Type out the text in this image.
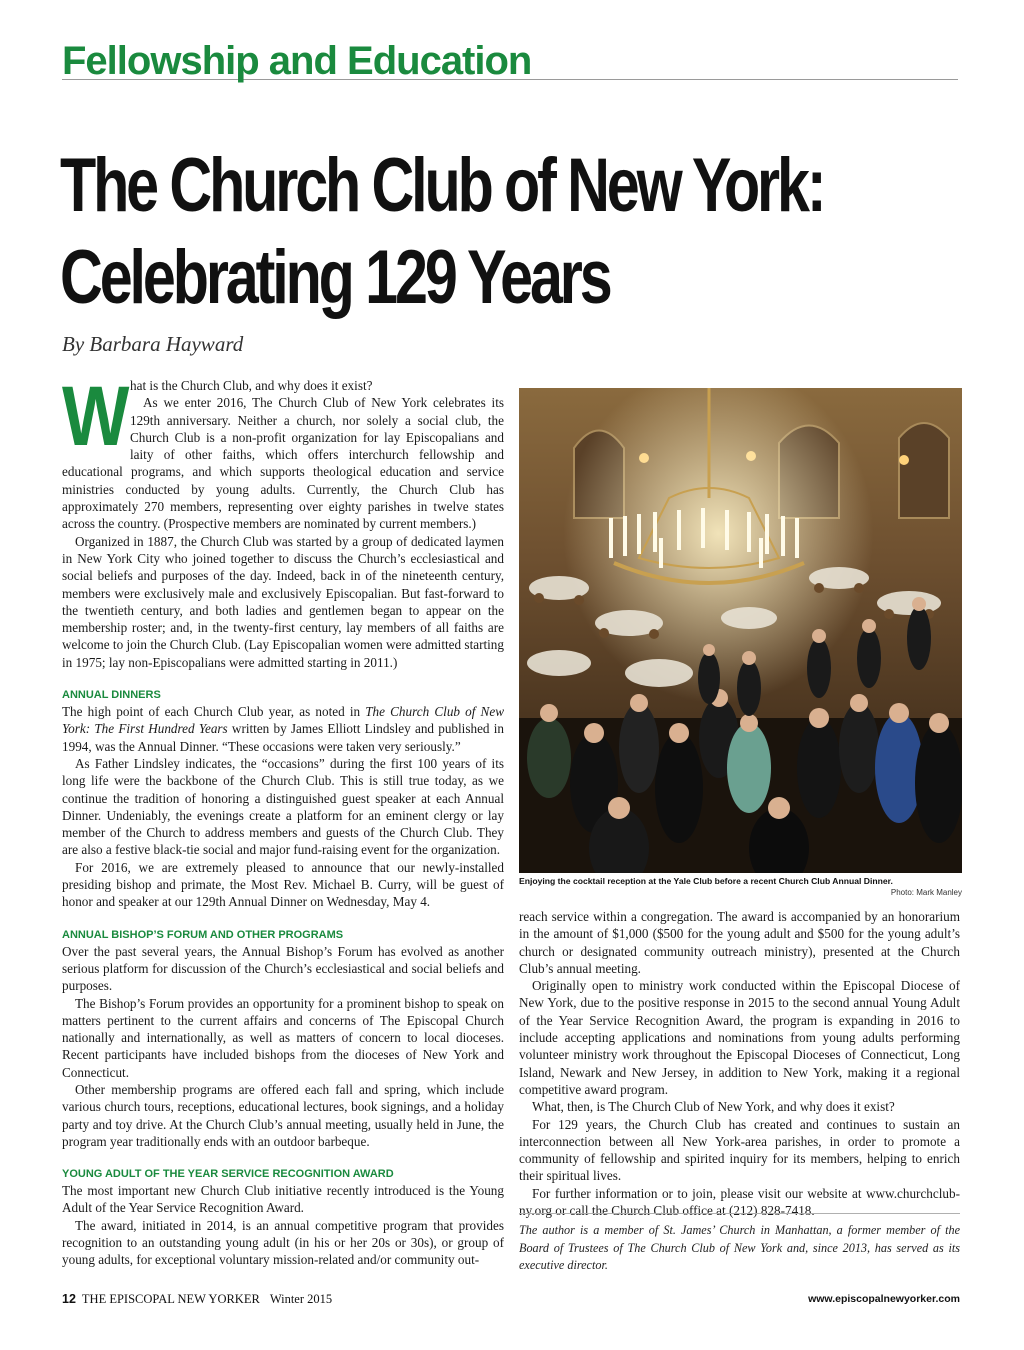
Fellowship and Education
The Church Club of New York:
Celebrating 129 Years
By Barbara Hayward
W hat is the Church Club, and why does it exist?

As we enter 2016, The Church Club of New York celebrates its 129th anniversary. Neither a church, nor solely a social club, the Church Club is a non-profit organization for lay Episcopalians and laity of other faiths, which offers interchurch fellowship and educational programs, and which supports theological education and service ministries conducted by young adults. Currently, the Church Club has approximately 270 members, representing over eighty parishes in twelve states across the country. (Prospective members are nominated by current members.)

Organized in 1887, the Church Club was started by a group of dedicated laymen in New York City who joined together to discuss the Church’s ecclesiastical and social beliefs and purposes of the day. Indeed, back in of the nineteenth century, members were exclusively male and exclusively Episcopalian. But fast-forward to the twentieth century, and both ladies and gentlemen began to appear on the membership roster; and, in the twenty-first century, lay members of all faiths are welcome to join the Church Club. (Lay Episcopalian women were admitted starting in 1975; lay non-Episcopalians were admitted starting in 2011.)

ANNUAL DINNERS

The high point of each Church Club year, as noted in The Church Club of New York: The First Hundred Years written by James Elliott Lindsley and published in 1994, was the Annual Dinner. “These occasions were taken very seriously.”

As Father Lindsley indicates, the “occasions” during the first 100 years of its long life were the backbone of the Church Club. This is still true today, as we continue the tradition of honoring a distinguished guest speaker at each Annual Dinner. Undeniably, the evenings create a platform for an eminent clergy or lay member of the Church to address members and guests of the Church Club. They are also a festive black-tie social and major fund-raising event for the organization.

For 2016, we are extremely pleased to announce that our newly-installed presiding bishop and primate, the Most Rev. Michael B. Curry, will be guest of honor and speaker at our 129th Annual Dinner on Wednesday, May 4.

ANNUAL BISHOP’S FORUM AND OTHER PROGRAMS

Over the past several years, the Annual Bishop’s Forum has evolved as another serious platform for discussion of the Church’s ecclesiastical and social beliefs and purposes.

The Bishop’s Forum provides an opportunity for a prominent bishop to speak on matters pertinent to the current affairs and concerns of The Episcopal Church nationally and internationally, as well as matters of concern to local dioceses. Recent participants have included bishops from the dioceses of New York and Connecticut.

Other membership programs are offered each fall and spring, which include various church tours, receptions, educational lectures, book signings, and a holiday party and toy drive. At the Church Club’s annual meeting, usually held in June, the program year traditionally ends with an outdoor barbeque.

YOUNG ADULT OF THE YEAR SERVICE RECOGNITION AWARD

The most important new Church Club initiative recently introduced is the Young Adult of the Year Service Recognition Award.

The award, initiated in 2014, is an annual competitive program that provides recognition to an outstanding young adult (in his or her 20s or 30s), or group of young adults, for exceptional voluntary mission-related and/or community out-

Enjoying the cocktail reception at the Yale Club before a recent Church Club Annual Dinner.
Photo: Mark Manley

reach service within a congregation. The award is accompanied by an honorarium in the amount of $1,000 ($500 for the young adult and $500 for the young adult’s church or designated community outreach ministry), presented at the Church Club’s annual meeting.

Originally open to ministry work conducted within the Episcopal Diocese of New York, due to the positive response in 2015 to the second annual Young Adult of the Year Service Recognition Award, the program is expanding in 2016 to include accepting applications and nominations from young adults performing volunteer ministry work throughout the Episcopal Dioceses of Connecticut, Long Island, Newark and New Jersey, in addition to New York, making it a regional competitive award program.

What, then, is The Church Club of New York, and why does it exist?

For 129 years, the Church Club has created and continues to sustain an interconnection between all New York-area parishes, in order to promote a community of fellowship and spirited inquiry for its members, helping to enrich their spiritual lives.

For further information or to join, please visit our website at www.churchclub-ny.org or call the Church Club office at (212) 828-7418.

The author is a member of St. James’ Church in Manhattan, a former member of the Board of Trustees of The Church Club of New York and, since 2013, has served as its executive director.
12 THE EPISCOPAL NEW YORKER Winter 2015	www.episcopalnewyorker.com
